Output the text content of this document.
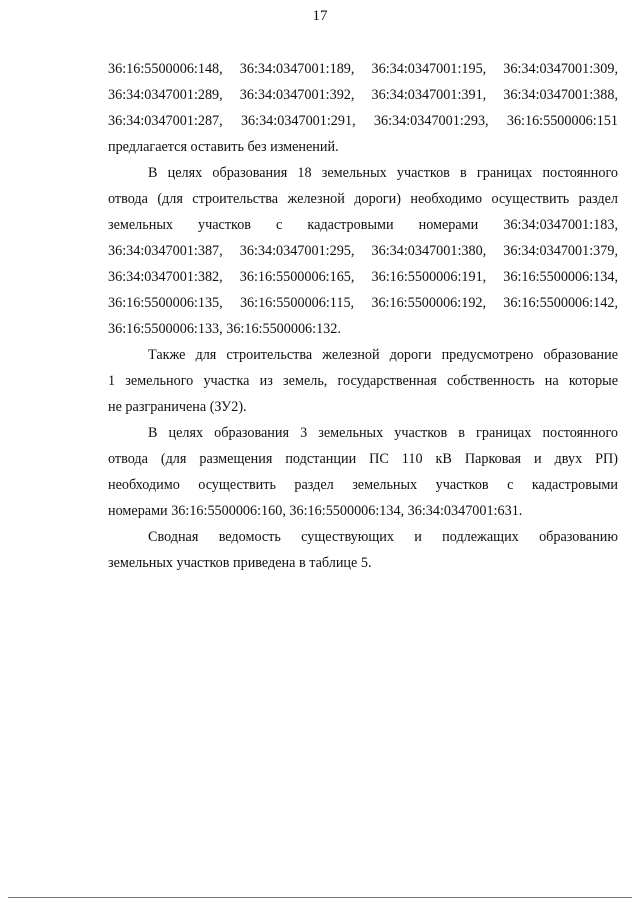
17
36:16:5500006:148, 36:34:0347001:189, 36:34:0347001:195, 36:34:0347001:309,
36:34:0347001:289, 36:34:0347001:392, 36:34:0347001:391, 36:34:0347001:388,
36:34:0347001:287, 36:34:0347001:291, 36:34:0347001:293, 36:16:5500006:151
предлагается оставить без изменений.
В целях образования 18 земельных участков в границах постоянного
отвода (для строительства железной дороги) необходимо осуществить раздел
земельных участков с кадастровыми номерами 36:34:0347001:183,
36:34:0347001:387, 36:34:0347001:295, 36:34:0347001:380, 36:34:0347001:379,
36:34:0347001:382, 36:16:5500006:165, 36:16:5500006:191, 36:16:5500006:134,
36:16:5500006:135, 36:16:5500006:115, 36:16:5500006:192, 36:16:5500006:142,
36:16:5500006:133, 36:16:5500006:132.
Также для строительства железной дороги предусмотрено образование
1 земельного участка из земель, государственная собственность на которые
не разграничена (ЗУ2).
В целях образования 3 земельных участков в границах постоянного
отвода (для размещения подстанции ПС 110 кВ Парковая и двух РП)
необходимо осуществить раздел земельных участков с кадастровыми
номерами 36:16:5500006:160, 36:16:5500006:134, 36:34:0347001:631.
Сводная ведомость существующих и подлежащих образованию
земельных участков приведена в таблице 5.
